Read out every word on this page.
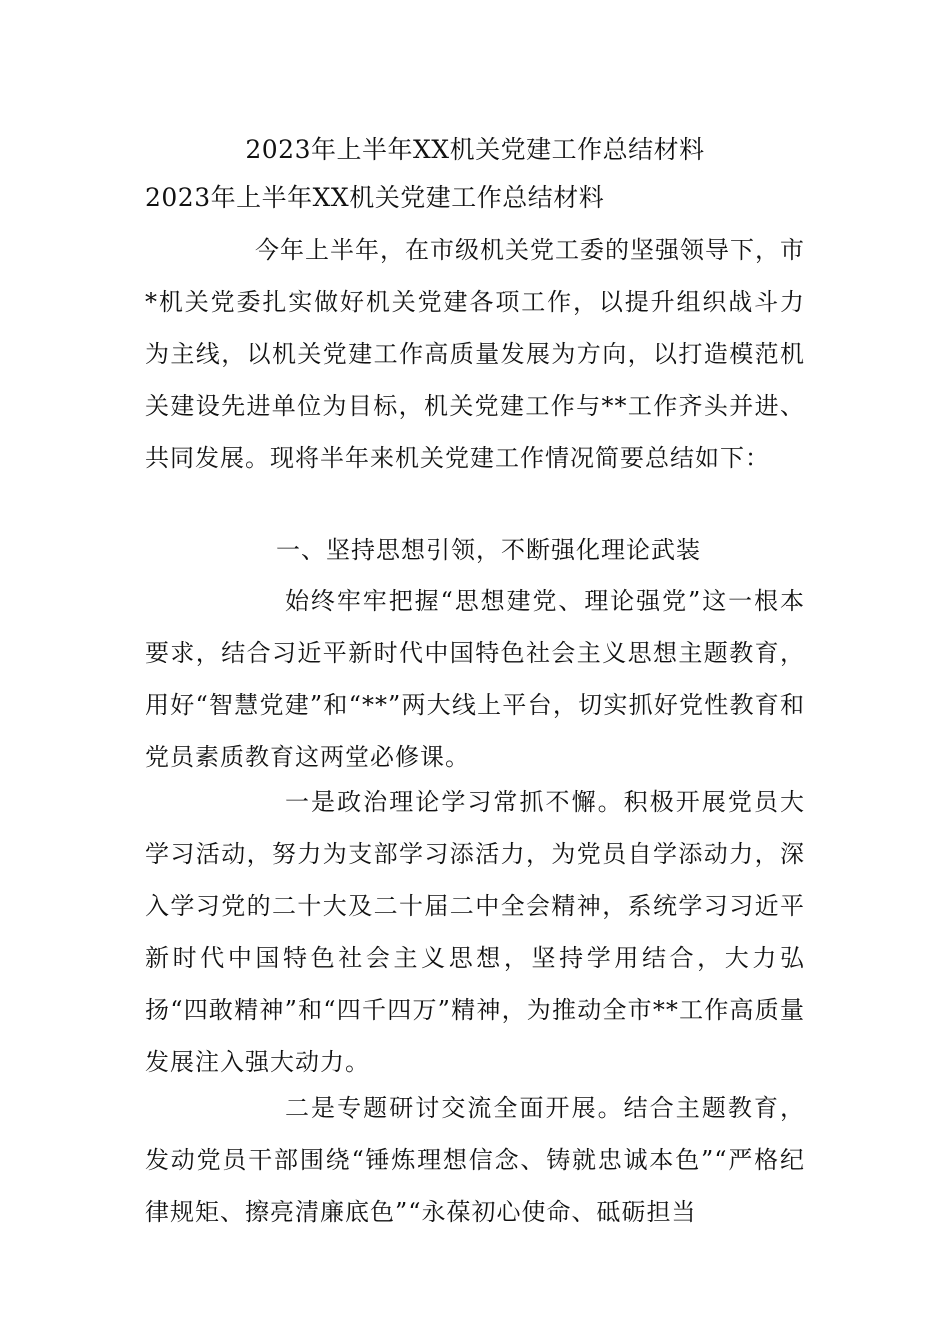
2023年上半年XX机关党建工作总结材料
2023年上半年XX机关党建工作总结材料

今年上半年，在市级机关党工委的坚强领导下，市*机关党委扎实做好机关党建各项工作，以提升组织战斗力为主线，以机关党建工作高质量发展为方向，以打造模范机关建设先进单位为目标，机关党建工作与**工作齐头并进、共同发展。现将半年来机关党建工作情况简要总结如下：

一、坚持思想引领，不断强化理论武装

始终牢牢把握“思想建党、理论强党”这一根本要求，结合习近平新时代中国特色社会主义思想主题教育，用好“智慧党建”和“**”两大线上平台，切实抓好党性教育和党员素质教育这两堂必修课。

一是政治理论学习常抓不懈。积极开展党员大学习活动，努力为支部学习添活力，为党员自学添动力，深入学习党的二十大及二十届二中全会精神，系统学习习近平新时代中国特色社会主义思想，坚持学用结合，大力弘扬“四敢精神”和“四千四万”精神，为推动全市**工作高质量发展注入强大动力。

二是专题研讨交流全面开展。结合主题教育，发动党员干部围绕“锤炼理想信念、铸就忠诚本色”“严格纪律规矩、擦亮清廉底色”“永葆初心使命、砥砺担当
